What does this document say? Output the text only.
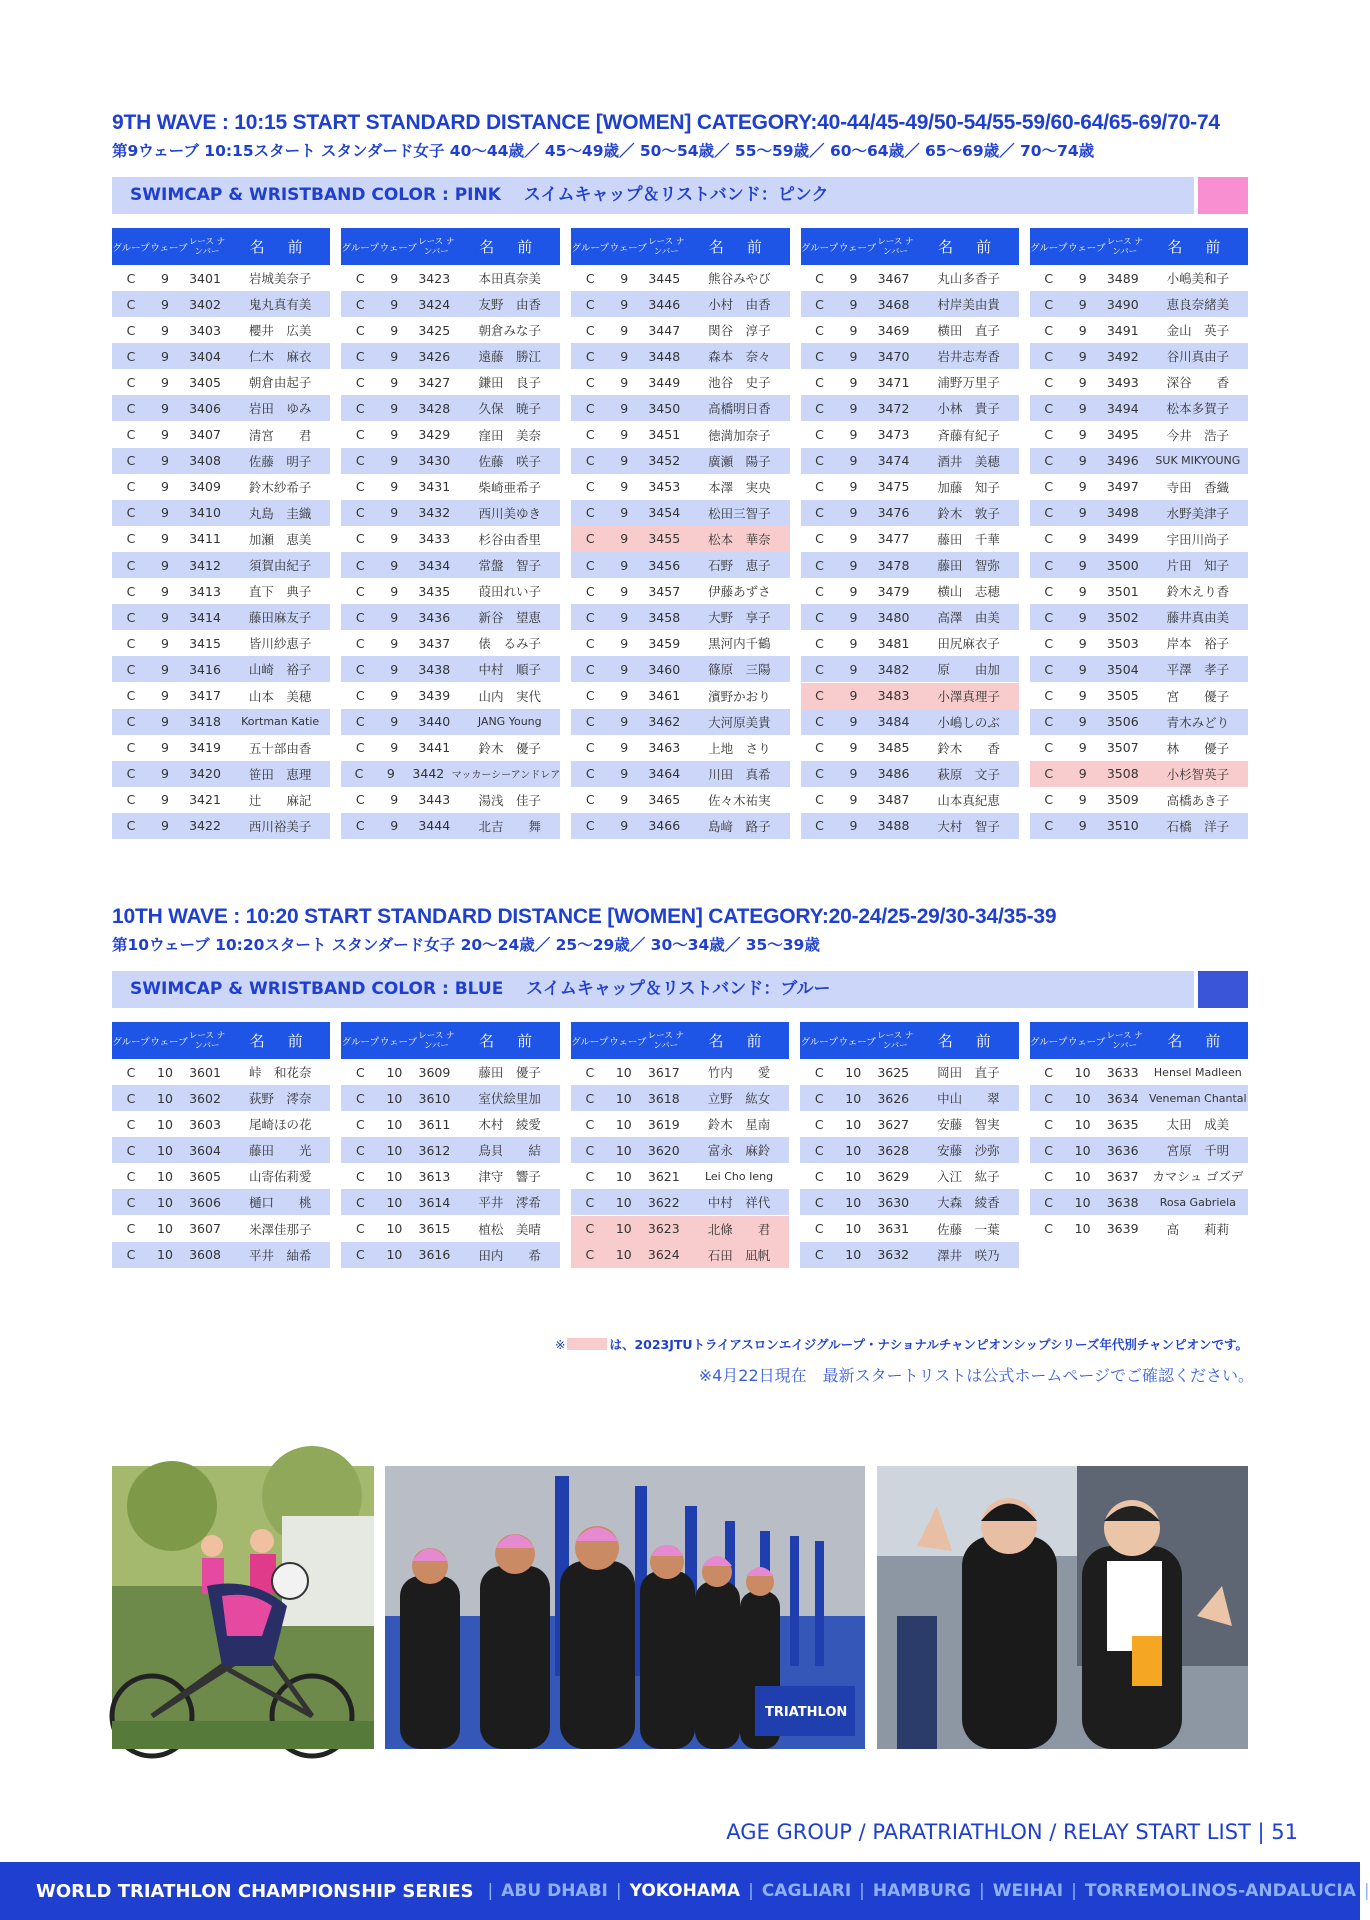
9TH WAVE : 10:15 START STANDARD DISTANCE [WOMEN] CATEGORY:40-44/45-49/50-54/55-59/60-64/65-69/70-74
第9ウェーブ 10:15スタート スタンダード女子 40〜44歳／ 45〜49歳／ 50〜54歳／ 55〜59歳／ 60〜64歳／ 65〜69歳／ 70〜74歳
SWIMCAP & WRISTBAND COLOR : PINK　 スイムキャップ＆リストバンド：ピンク
グループ ウェーブ
レース ナンバー	名　前
C	9	3401	岩城美奈子
C	9	3402	鬼丸真有美
C	9	3403	櫻井　広美
C	9	3404	仁木　麻衣
C	9	3405	朝倉由起子
C	9	3406	岩田　ゆみ
C	9	3407	清宮　　君
C	9	3408	佐藤　明子
C	9	3409	鈴木紗希子
C	9	3410	丸島　圭織
C	9	3411	加瀬　恵美
C	9	3412	須賀由紀子
C	9	3413	直下　典子
C	9	3414	藤田麻友子
C	9	3415	皆川紗恵子
C	9	3416	山崎　裕子
C	9	3417	山本　美穂
C	9	3418	Kortman Katie
C	9	3419	五十部由香
C	9	3420	笹田　恵理
C	9	3421	辻　　麻記
C	9	3422	西川裕美子
グループ ウェーブ
レース ナンバー	名　前
C	9	3423	本田真奈美
C	9	3424	友野　由香
C	9	3425	朝倉みな子
C	9	3426	遠藤　勝江
C	9	3427	鎌田　良子
C	9	3428	久保　暁子
C	9	3429	窪田　美奈
C	9	3430	佐藤　咲子
C	9	3431	柴崎亜希子
C	9	3432	西川美ゆき
C	9	3433	杉谷由香里
C	9	3434	常盤　智子
C	9	3435	葭田れい子
C	9	3436	新谷　望恵
C	9	3437	俵　るみ子
C	9	3438	中村　順子
C	9	3439	山内　実代
C	9	3440	JANG Young
C	9	3441	鈴木　優子
C	9	3442 マッカーシーアンドレア
C	9	3443	湯浅　佳子
C	9	3444	北吉　　舞
グループ ウェーブ
レース ナンバー	名　前
C	9	3445	熊谷みやび
C	9	3446	小村　由香
C	9	3447	関谷　淳子
C	9	3448	森本　奈々
C	9	3449	池谷　史子
C	9	3450	高橋明日香
C	9	3451	徳満加奈子
C	9	3452	廣瀬　陽子
C	9	3453	本澤　実央
C	9	3454	松田三智子
C	9	3455	松本　華奈
C	9	3456	石野　恵子
C	9	3457	伊藤あずさ
C	9	3458	大野　享子
C	9	3459	黒河内千鶴
C	9	3460	篠原　三陽
C	9	3461	濱野かおり
C	9	3462	大河原美貴
C	9	3463	上地　さり
C	9	3464	川田　真希
C	9	3465	佐々木祐実
C	9	3466	島﨑　路子
グループ ウェーブ
レース ナンバー	名　前
C	9	3467	丸山多香子
C	9	3468	村岸美由貴
C	9	3469	横田　直子
C	9	3470	岩井志寿香
C	9	3471	浦野万里子
C	9	3472	小林　貴子
C	9	3473	斉藤有紀子
C	9	3474	酒井　美穂
C	9	3475	加藤　知子
C	9	3476	鈴木　敦子
C	9	3477	藤田　千華
C	9	3478	藤田　智弥
C	9	3479	横山　志穂
C	9	3480	高澤　由美
C	9	3481	田尻麻衣子
C	9	3482	原　　由加
C	9	3483	小澤真理子
C	9	3484	小嶋しのぶ
C	9	3485	鈴木　　香
C	9	3486	萩原　文子
C	9	3487	山本真紀恵
C	9	3488	大村　智子
グループ ウェーブ
レース ナンバー	名　前
C	9	3489	小嶋美和子
C	9	3490	恵良奈緒美
C	9	3491	金山　英子
C	9	3492	谷川真由子
C	9	3493	深谷　　香
C	9	3494	松本多賀子
C	9	3495	今井　浩子
C	9	3496	SUK MIKYOUNG
C	9	3497	寺田　香織
C	9	3498	水野美津子
C	9	3499	宇田川尚子
C	9	3500	片田　知子
C	9	3501	鈴木えり香
C	9	3502	藤井真由美
C	9	3503	岸本　裕子
C	9	3504	平澤　孝子
C	9	3505	宮　　優子
C	9	3506	青木みどり
C	9	3507	林　　優子
C	9	3508	小杉智英子
C	9	3509	高橋あき子
C	9	3510	石橋　洋子
10TH WAVE : 10:20 START STANDARD DISTANCE [WOMEN] CATEGORY:20-24/25-29/30-34/35-39
第10ウェーブ 10:20スタート スタンダード女子 20〜24歳／ 25〜29歳／ 30〜34歳／ 35〜39歳
SWIMCAP & WRISTBAND COLOR : BLUE　 スイムキャップ＆リストバンド：ブルー
グループ ウェーブ
レース ナンバー	名　前
C	10	3601	峠　和花奈
C	10	3602	荻野　澪奈
C	10	3603	尾崎ほの花
C	10	3604	藤田　　光
C	10	3605	山寄佑莉愛
C	10	3606	樋口　　桃
C	10	3607	米澤佳那子
C	10	3608	平井　紬希
グループ ウェーブ
レース ナンバー	名　前
C	10	3609	藤田　優子
C	10	3610	室伏絵里加
C	10	3611	木村　綾愛
C	10	3612	鳥貝　　結
C	10	3613	津守　響子
C	10	3614	平井　澪希
C	10	3615	植松　美晴
C	10	3616	田内　　希
グループ ウェーブ
レース ナンバー	名　前
C	10	3617	竹内　　愛
C	10	3618	立野　紘女
C	10	3619	鈴木　星南
C	10	3620	富永　麻鈴
C	10	3621	Lei Cho Ieng
C	10	3622	中村　祥代
C	10	3623	北條　　君
C	10	3624	石田　凪帆
グループ ウェーブ
レース ナンバー	名　前
C	10	3625	岡田　直子
C	10	3626	中山　　翠
C	10	3627	安藤　智実
C	10	3628	安藤　沙弥
C	10	3629	入江　紘子
C	10	3630	大森　綾香
C	10	3631	佐藤　一葉
C	10	3632	澤井　咲乃
グループ ウェーブ
レース ナンバー	名　前
C	10	3633	Hensel Madleen
C	10	3634 Veneman Chantal
C	10	3635	太田　成美
C	10	3636	宮原　千明
C	10	3637	カマシュ ゴズデ
C	10	3638	Rosa Gabriela
C	10	3639	高　　莉莉
※	は、2023JTUトライアスロンエイジグループ・ナショナルチャンピオンシップシリーズ年代別チャンピオンです。
※4月22日現在　最新スタートリストは公式ホームページでご確認ください。
TRIATHLON
AGE GROUP / PARATRIATHLON / RELAY START LIST | 51
WORLD TRIATHLON CHAMPIONSHIP SERIES | ABU DHABI | YOKOHAMA | CAGLIARI | HAMBURG | WEIHAI | TORREMOLINOS-ANDALUCIA |
